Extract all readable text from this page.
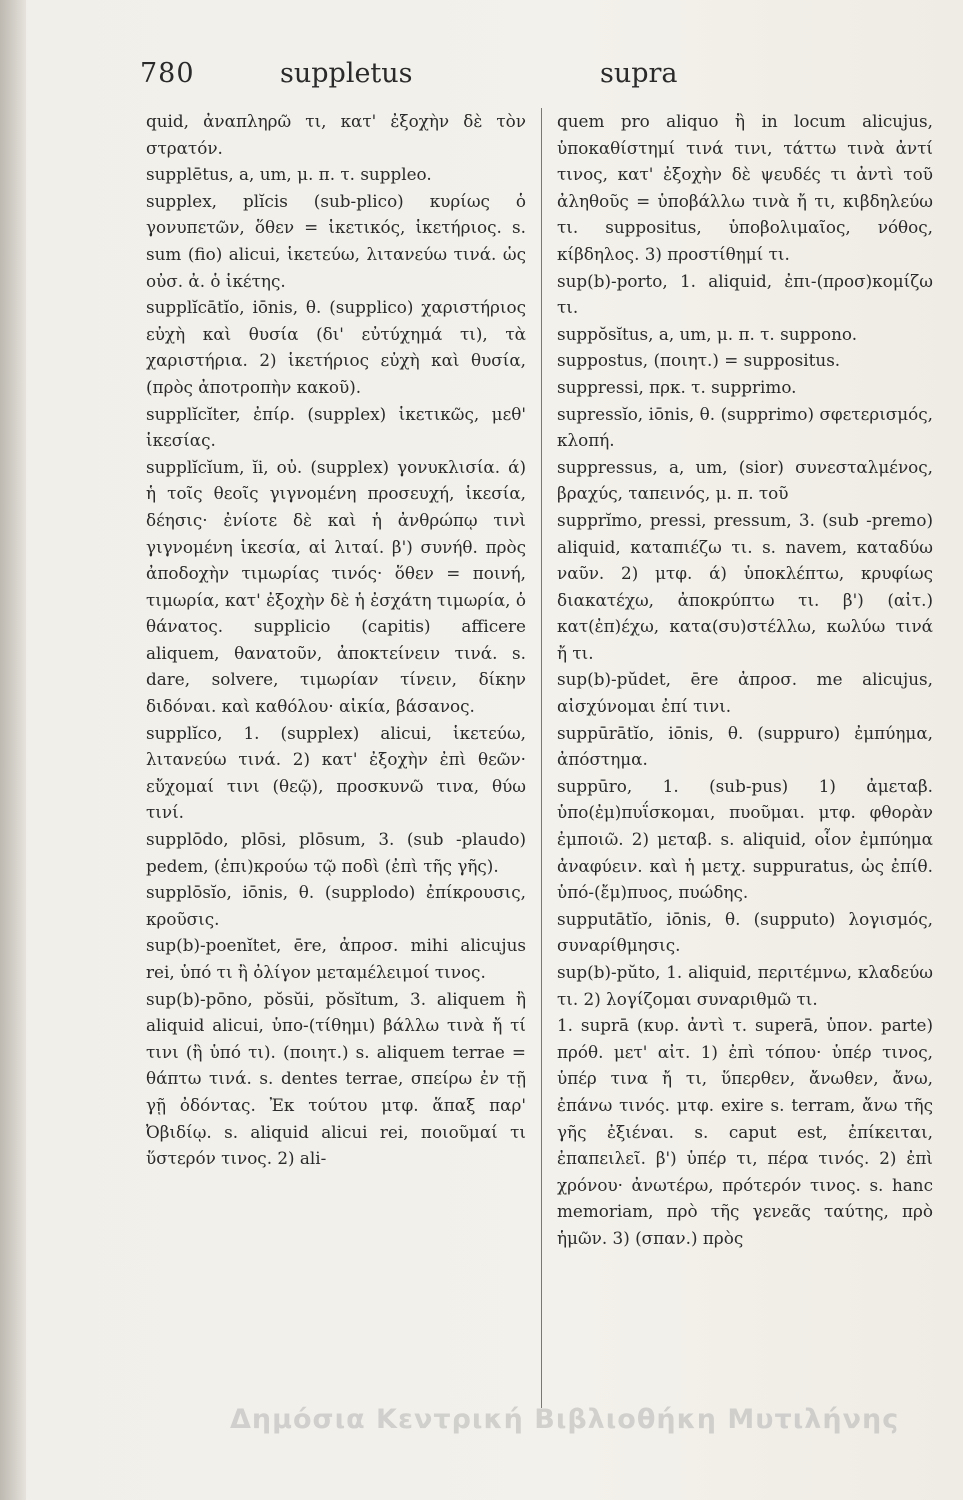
780	suppletus	supra

quid, ἀναπληρῶ τι, κατ' ἐξοχὴν δὲ τὸν στρατόν.

supplētus, a, um, μ. π. τ. suppleo.

supplex, plĭcis (sub-plico) κυρίως ὁ γονυπετῶν, ὅθεν = ἱκετικός, ἱκετήριος. s. sum (fio) alicui, ἱκετεύω, λιτανεύω τινά. ὡς οὐσ. ἀ. ὁ ἱκέτης.

supplĭcātĭo, iōnis, θ. (supplico) χαριστήριος εὐχὴ καὶ θυσία (δι' εὐτύχημά τι), τὰ χαριστήρια. 2) ἱκετήριος εὐχὴ καὶ θυσία, (πρὸς ἀποτροπὴν κακοῦ).

supplĭcĭter, ἐπίρ. (supplex) ἱκετικῶς, μεθ' ἱκεσίας.

supplĭcĭum, ĭi, οὐ. (supplex) γονυκλισία. ά) ἡ τοῖς θεοῖς γιγνομένη προσευχή, ἱκεσία, δέησις· ἐνίοτε δὲ καὶ ἡ ἀνθρώπῳ τινὶ γιγνομένη ἱκεσία, αἱ λιταί. β') συνήθ. πρὸς ἀποδοχὴν τιμωρίας τινός· ὅθεν = ποινή, τιμωρία, κατ' ἐξοχὴν δὲ ἡ ἐσχάτη τιμωρία, ὁ θάνατος. supplicio (capitis) afficere aliquem, θανατοῦν, ἀποκτείνειν τινά. s. dare, solvere, τιμωρίαν τίνειν, δίκην διδόναι. καὶ καθόλου· αἰκία, βάσανος.

supplĭco, 1. (supplex) alicui, ἱκετεύω, λιτανεύω τινά. 2) κατ' ἐξοχὴν ἐπὶ θεῶν· εὔχομαί τινι (θεῷ), προσκυνῶ τινα, θύω τινί.

supplōdo, plōsi, plōsum, 3. (sub -plaudo) pedem, (ἐπι)κρούω τῷ ποδὶ (ἐπὶ τῆς γῆς).

supplōsĭo, iōnis, θ. (supplodo) ἐπίκρουσις, κροῦσις.

sup(b)-poenĭtet, ēre, ἀπροσ. mihi alicujus rei, ὑπό τι ἢ ὀλίγον μεταμέλειμοί τινος.

sup(b)-pōno, pŏsŭi, pŏsĭtum, 3. aliquem ἢ aliquid alicui, ὑπο-(τίθημι) βάλλω τινὰ ἤ τί τινι (ἢ ὑπό τι). (ποιητ.) s. aliquem terrae = θάπτω τινά. s. dentes terrae, σπείρω ἐν τῇ γῇ ὀδόντας. Ἐκ τούτου μτφ. ἅπαξ παρ' Ὀβιδίῳ. s. aliquid alicui rei, ποιοῦμαί τι ὕστερόν τινος. 2) ali-

quem pro aliquo ἢ in locum alicujus, ὑποκαθίστημί τινά τινι, τάττω τινὰ ἀντί τινος, κατ' ἐξοχὴν δὲ ψευδές τι ἀντὶ τοῦ ἀληθοῦς = ὑποβάλλω τινὰ ἤ τι, κιβδηλεύω τι. suppositus, ὑποβολιμαῖος, νόθος, κίβδηλος. 3) προστίθημί τι.

sup(b)-porto, 1. aliquid, ἐπι-(προσ)κομίζω τι.

suppŏsĭtus, a, um, μ. π. τ. suppono.

suppostus, (ποιητ.) = suppositus.

suppressi, πρκ. τ. supprimo.

supressĭo, iōnis, θ. (supprimo) σφετερισμός, κλοπή.

suppressus, a, um, (sior) συνεσταλμένος, βραχύς, ταπεινός, μ. π. τοῦ

supprĭmo, pressi, pressum, 3. (sub -premo) aliquid, καταπιέζω τι. s. navem, καταδύω ναῦν. 2) μτφ. ά) ὑποκλέπτω, κρυφίως διακατέχω, ἀποκρύπτω τι. β') (αἰτ.) κατ(ἐπ)έχω, κατα(συ)στέλλω, κωλύω τινά ἤ τι.

sup(b)-pŭdet, ēre ἀπροσ. me alicujus, αἰσχύνομαι ἐπί τινι.

suppūrātĭo, iōnis, θ. (suppuro) ἐμπύημα, ἀπόστημα.

suppūro, 1. (sub-pus) 1) ἀμεταβ. ὑπο(ἐμ)πυΐσκομαι, πυοῦμαι. μτφ. φθορὰν ἐμποιῶ. 2) μεταβ. s. aliquid, οἷον ἐμπύημα ἀναφύειν. καὶ ἡ μετχ. suppuratus, ὡς ἐπίθ. ὑπό-(ἔμ)πυος, πυώδης.

supputātĭo, iōnis, θ. (supputo) λογισμός, συναρίθμησις.

sup(b)-pŭto, 1. aliquid, περιτέμνω, κλαδεύω τι. 2) λογίζομαι συναριθμῶ τι.

1. suprā (κυρ. ἀντὶ τ. superā, ὑπον. parte) πρόθ. μετ' αἰτ. 1) ἐπὶ τόπου· ὑπέρ τινος, ὑπέρ τινα ἤ τι, ὕπερθεν, ἄνωθεν, ἄνω, ἐπάνω τινός. μτφ. exire s. terram, ἄνω τῆς γῆς ἐξιέναι. s. caput est, ἐπίκειται, ἐπαπειλεῖ. β') ὑπέρ τι, πέρα τινός. 2) ἐπὶ χρόνου· ἀνωτέρω, πρότερόν τινος. s. hanc memoriam, πρὸ τῆς γενεᾶς ταύτης, πρὸ ἡμῶν. 3) (σπαν.) πρὸς

Δημόσια Κεντρική Βιβλιοθήκη Μυτιλήνης
